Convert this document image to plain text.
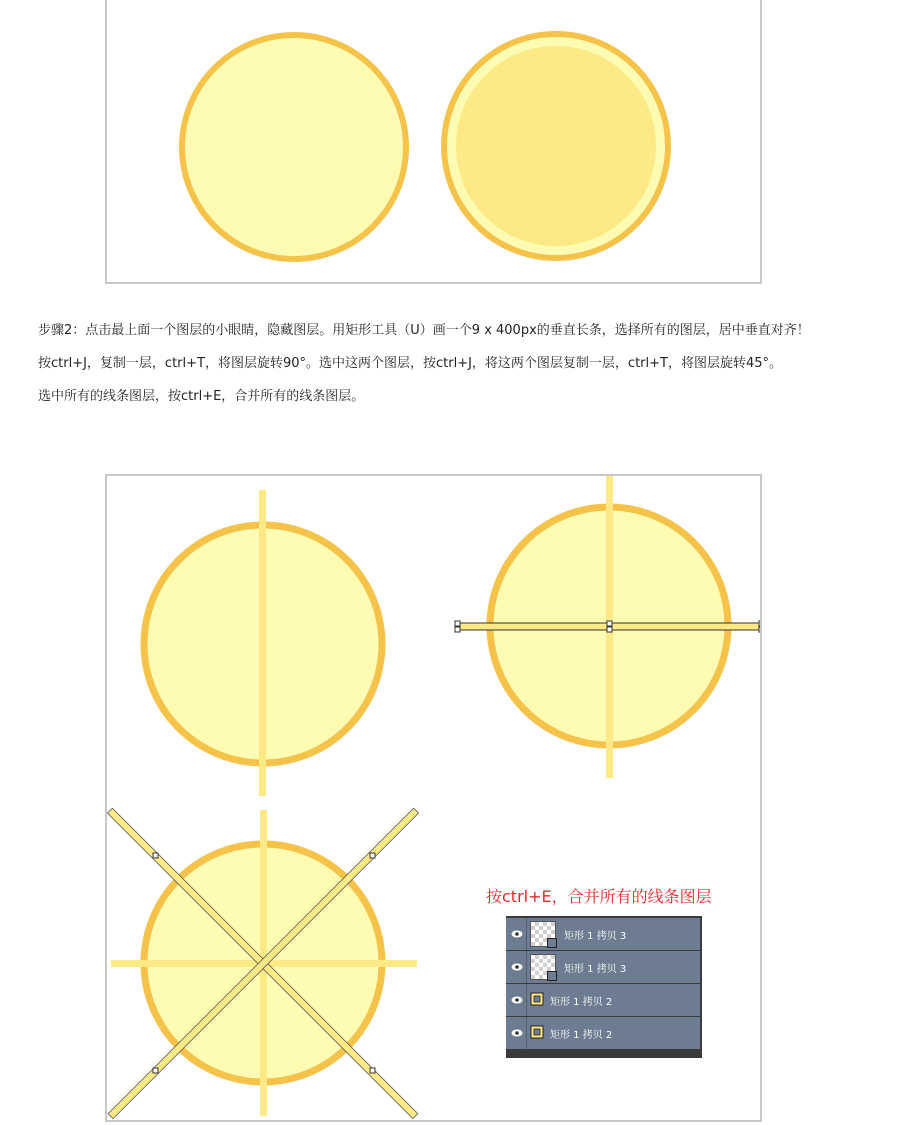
步骤2：点击最上面一个图层的小眼睛，隐藏图层。用矩形工具（U）画一个9 x 400px的垂直长条，选择所有的图层，居中垂直对齐！

按ctrl+J，复制一层，ctrl+T，将图层旋转90°。选中这两个图层，按ctrl+J，将这两个图层复制一层，ctrl+T，将图层旋转45°。

选中所有的线条图层，按ctrl+E，合并所有的线条图层。

按ctrl+E，合并所有的线条图层
矩形 1 拷贝 3
矩形 1 拷贝 3
矩形 1 拷贝 2
矩形 1 拷贝 2
